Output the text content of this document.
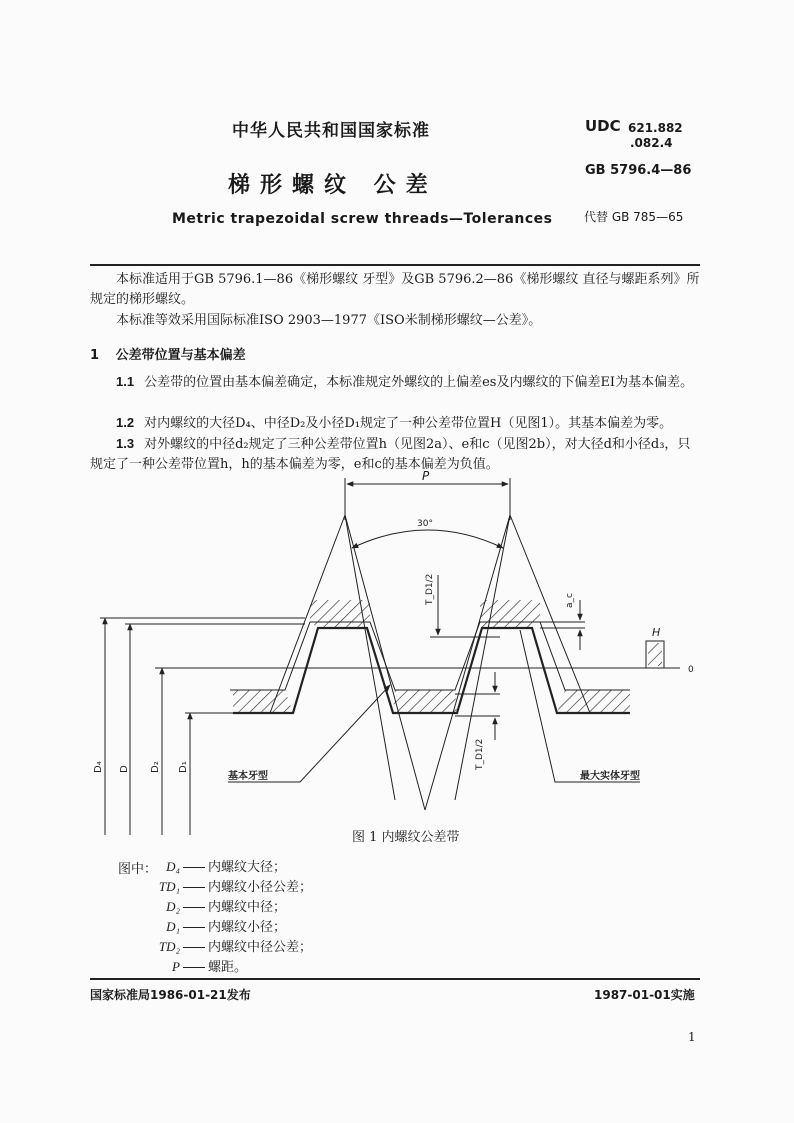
中华人民共和国国家标准
梯形螺纹 公差
Metric trapezoidal screw threads—Tolerances
UDC 621.882
.082.4
GB 5796.4—86
代替 GB 785—65
本标准适用于GB 5796.1—86《梯形螺纹 牙型》及GB 5796.2—86《梯形螺纹 直径与螺距系列》所规定的梯形螺纹。
本标准等效采用国际标准ISO 2903—1977《ISO米制梯形螺纹—公差》。
1 公差带位置与基本偏差
1.1 公差带的位置由基本偏差确定，本标准规定外螺纹的上偏差es及内螺纹的下偏差EI为基本偏差。
1.2 对内螺纹的大径D₄、中径D₂及小径D₁规定了一种公差带位置H（见图1）。其基本偏差为零。
1.3 对外螺纹的中径d₂规定了三种公差带位置h（见图2a）、e和c（见图2b），对大径d和小径d₃，只规定了一种公差带位置h，h的基本偏差为零，e和c的基本偏差为负值。
P
30°
T_D1/2
T_D1/2
a_c
H
0
D₄ D D₂ D₁
基本牙型	最大实体牙型
图 1 内螺纹公差带
图中： D₄ 内螺纹大径；
TD₁ 内螺纹小径公差；
D₂ 内螺纹中径；
D₁ 内螺纹小径；
TD₂ 内螺纹中径公差；
P 螺距。
国家标准局1986-01-21发布	1987-01-01实施
1
